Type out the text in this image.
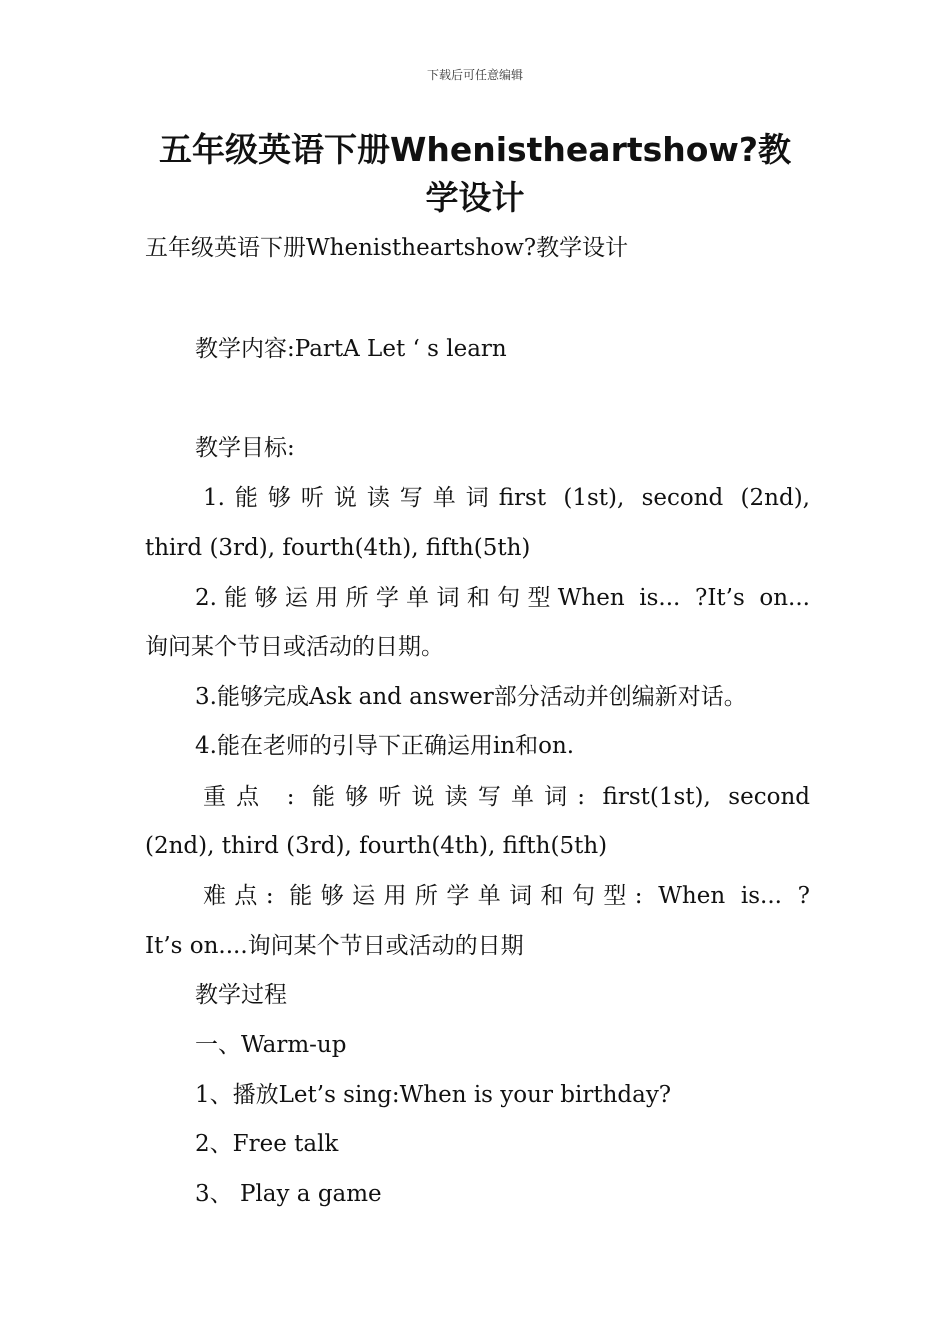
下载后可任意编辑
五年级英语下册Whenistheartshow?教学设计
五年级英语下册Whenistheartshow?教学设计
教学内容:PartA Let ‘ s learn
教学目标:
1.能够听说读写单词first (1st), second (2nd),
third (3rd), fourth(4th), fifth(5th)
2.能够运用所学单词和句型When is... ?It’s on...
询问某个节日或活动的日期。
3.能够完成Ask and answer部分活动并创编新对话。
4.能在老师的引导下正确运用in和on.
重点 : 能够听说读写单词: first(1st), second
(2nd), third (3rd), fourth(4th), fifth(5th)
难点: 能够运用所学单词和句型: When is... ?
It’s on....询问某个节日或活动的日期
教学过程
一、Warm-up
1、播放Let’s sing:When is your birthday?
2、Free talk
3、 Play a game
